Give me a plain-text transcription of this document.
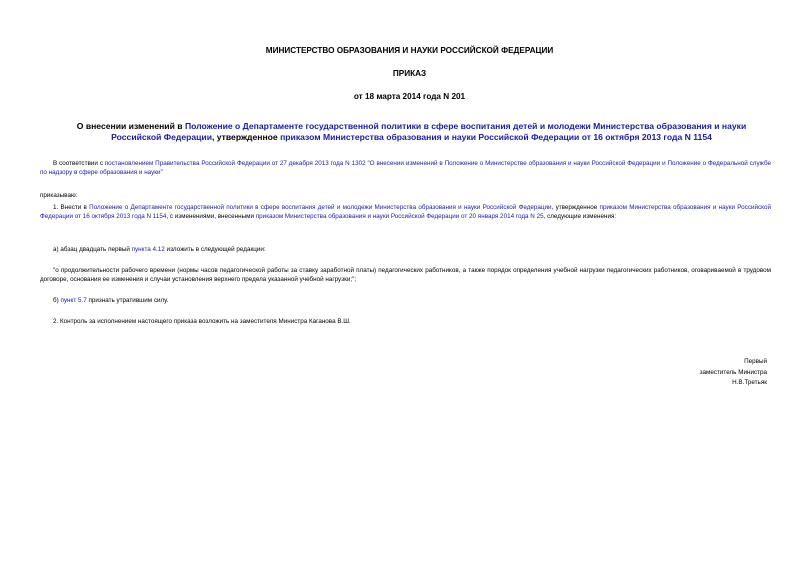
МИНИСТЕРСТВО ОБРАЗОВАНИЯ И НАУКИ РОССИЙСКОЙ ФЕДЕРАЦИИ
ПРИКАЗ
от 18 марта 2014 года N 201
О внесении изменений в Положение о Департаменте государственной политики в сфере воспитания детей и молодежи Министерства образования и науки Российской Федерации, утвержденное приказом Министерства образования и науки Российской Федерации от 16 октября 2013 года N 1154
В соответствии с постановлением Правительства Российской Федерации от 27 декабря 2013 года N 1302 "О внесении изменений в Положение о Министерстве образования и науки Российской Федерации и Положение о Федеральной службе по надзору в сфере образования и науки"
приказываю:
1. Внести в Положение о Департаменте государственной политики в сфере воспитания детей и молодежи Министерства образования и науки Российской Федерации, утвержденное приказом Министерства образования и науки Российской Федерации от 16 октября 2013 года N 1154, с изменениями, внесенными приказом Министерства образования и науки Российской Федерации от 20 января 2014 года N 25, следующие изменения:
а) абзац двадцать первый пункта 4.12 изложить в следующей редакции:
"о продолжительности рабочего времени (нормы часов педагогической работы за ставку заработной платы) педагогических работников, а также порядок определения учебной нагрузки педагогических работников, оговариваемой в трудовом договоре, основания ее изменения и случаи установления верхнего предела указанной учебной нагрузки;";
б) пункт 5.7 признать утратившим силу.
2. Контроль за исполнением настоящего приказа возложить на заместителя Министра Каганова В.Ш.
Первый
заместитель Министра
Н.В.Третьяк
